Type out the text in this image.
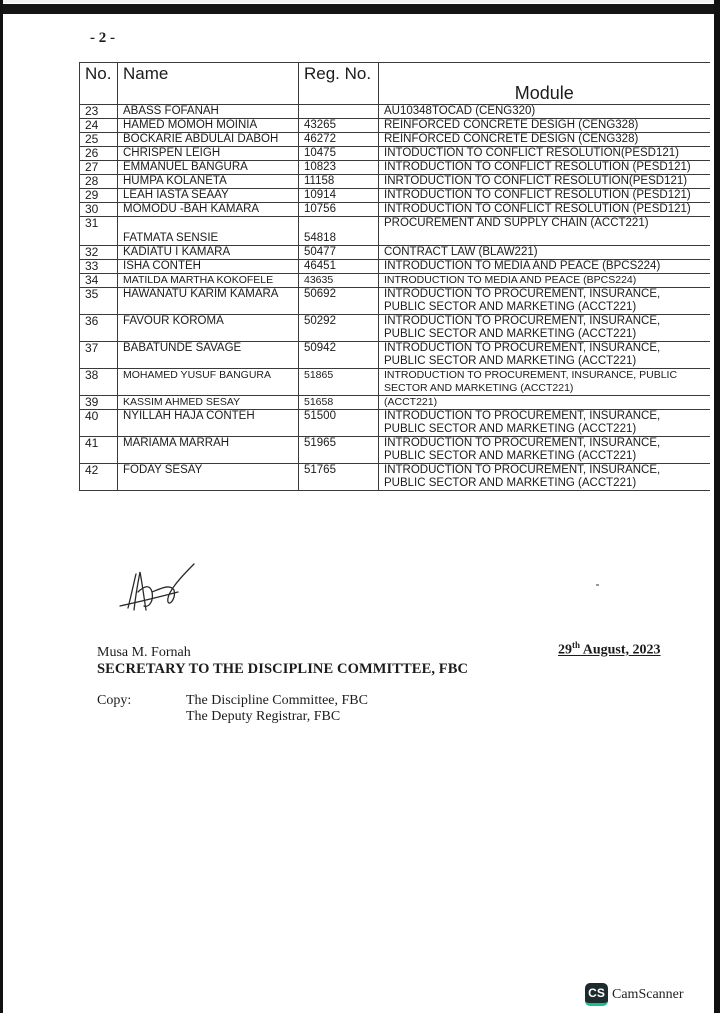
- 2 -
No.	Name	Reg. No.	Module
23	ABASS FOFANAH		AU10348TOCAD (CENG320)
24	HAMED MOMOH MOINIA	43265	REINFORCED CONCRETE DESIGH (CENG328)
25	BOCKARIE ABDULAI DABOH	46272	REINFORCED CONCRETE DESIGN (CENG328)
26	CHRISPEN LEIGH	10475	INTODUCTION TO CONFLICT RESOLUTION(PESD121)
27	EMMANUEL BANGURA	10823	INTRODUCTION TO CONFLICT RESOLUTION (PESD121)
28	HUMPA KOLANETA	11158	INRTODUCTION TO CONFLICT RESOLUTION(PESD121)
29	LEAH IASTA SEAAY	10914	INTRODUCTION TO CONFLICT RESOLUTION (PESD121)
30	MOMODU -BAH KAMARA	10756	INTRODUCTION TO CONFLICT RESOLUTION (PESD121)
31	FATMATA SENSIE	54818	PROCUREMENT AND SUPPLY CHAIN (ACCT221)
32	KADIATU I KAMARA	50477	CONTRACT LAW (BLAW221)
33	ISHA CONTEH	46451	INTRODUCTION TO MEDIA AND PEACE (BPCS224)
34	MATILDA MARTHA KOKOFELE	43635	INTRODUCTION TO MEDIA AND PEACE (BPCS224)
35	HAWANATU KARIM KAMARA	50692	INTRODUCTION TO PROCUREMENT, INSURANCE, PUBLIC SECTOR AND MARKETING (ACCT221)
36	FAVOUR KOROMA	50292	INTRODUCTION TO PROCUREMENT, INSURANCE, PUBLIC SECTOR AND MARKETING (ACCT221)
37	BABATUNDE SAVAGE	50942	INTRODUCTION TO PROCUREMENT, INSURANCE, PUBLIC SECTOR AND MARKETING (ACCT221)
38	MOHAMED YUSUF BANGURA	51865	INTRODUCTION TO PROCUREMENT, INSURANCE, PUBLIC SECTOR AND MARKETING (ACCT221)
39	KASSIM AHMED SESAY	51658	(ACCT221)
40	NYILLAH HAJA CONTEH	51500	INTRODUCTION TO PROCUREMENT, INSURANCE, PUBLIC SECTOR AND MARKETING (ACCT221)
41	MARIAMA MARRAH	51965	INTRODUCTION TO PROCUREMENT, INSURANCE, PUBLIC SECTOR AND MARKETING (ACCT221)
42	FODAY SESAY	51765	INTRODUCTION TO PROCUREMENT, INSURANCE, PUBLIC SECTOR AND MARKETING (ACCT221)
Musa M. Fornah
SECRETARY TO THE DISCIPLINE COMMITTEE, FBC
29th August, 2023
Copy:	The Discipline Committee, FBC
The Deputy Registrar, FBC
CS CamScanner
